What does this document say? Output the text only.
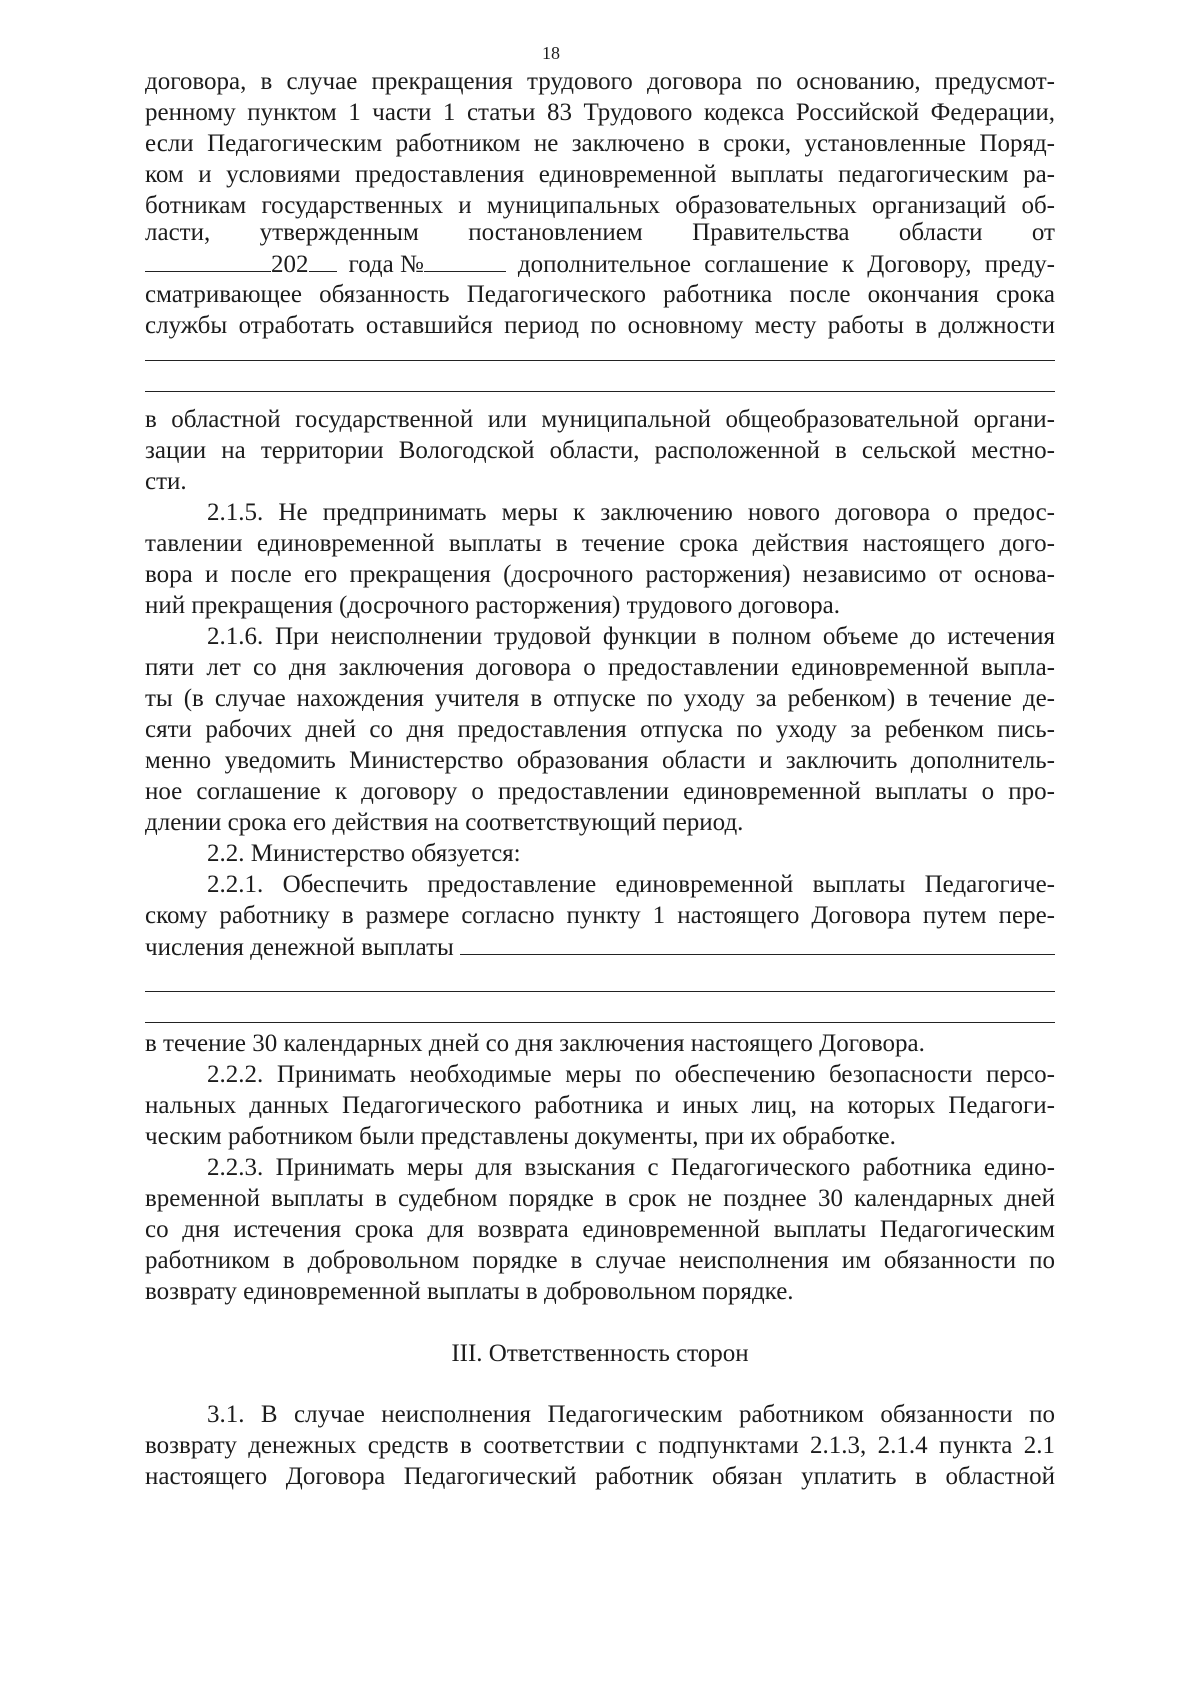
18
договора, в случае прекращения трудового договора по основанию, предусмот-
ренному пунктом 1 части 1 статьи 83 Трудового кодекса Российской Федерации,
если Педагогическим работником не заключено в сроки, установленные Поряд-
ком и условиями предоставления единовременной выплаты педагогическим ра-
ботникам государственных и муниципальных образовательных организаций об-
ласти, утвержденным постановлением Правительства области от
202 года №	дополнительное соглашение к Договору, преду-
сматривающее обязанность Педагогического работника после окончания срока
службы отработать оставшийся период по основному месту работы в должности
в областной государственной или муниципальной общеобразовательной органи-
зации на территории Вологодской области, расположенной в сельской местно-
сти.
2.1.5. Не предпринимать меры к заключению нового договора о предос-
тавлении единовременной выплаты в течение срока действия настоящего дого-
вора и после его прекращения (досрочного расторжения) независимо от основа-
ний прекращения (досрочного расторжения) трудового договора.
2.1.6. При неисполнении трудовой функции в полном объеме до истечения
пяти лет со дня заключения договора о предоставлении единовременной выпла-
ты (в случае нахождения учителя в отпуске по уходу за ребенком) в течение де-
сяти рабочих дней со дня предоставления отпуска по уходу за ребенком пись-
менно уведомить Министерство образования области и заключить дополнитель-
ное соглашение к договору о предоставлении единовременной выплаты о про-
длении срока его действия на соответствующий период.
2.2. Министерство обязуется:
2.2.1. Обеспечить предоставление единовременной выплаты Педагогиче-
скому работнику в размере согласно пункту 1 настоящего Договора путем пере-
числения денежной выплаты
в течение 30 календарных дней со дня заключения настоящего Договора.
2.2.2. Принимать необходимые меры по обеспечению безопасности персо-
нальных данных Педагогического работника и иных лиц, на которых Педагоги-
ческим работником были представлены документы, при их обработке.
2.2.3. Принимать меры для взыскания с Педагогического работника едино-
временной выплаты в судебном порядке в срок не позднее 30 календарных дней
со дня истечения срока для возврата единовременной выплаты Педагогическим
работником в добровольном порядке в случае неисполнения им обязанности по
возврату единовременной выплаты в добровольном порядке.
III. Ответственность сторон
3.1. В случае неисполнения Педагогическим работником обязанности по
возврату денежных средств в соответствии с подпунктами 2.1.3, 2.1.4 пункта 2.1
настоящего Договора Педагогический работник обязан уплатить в областной
